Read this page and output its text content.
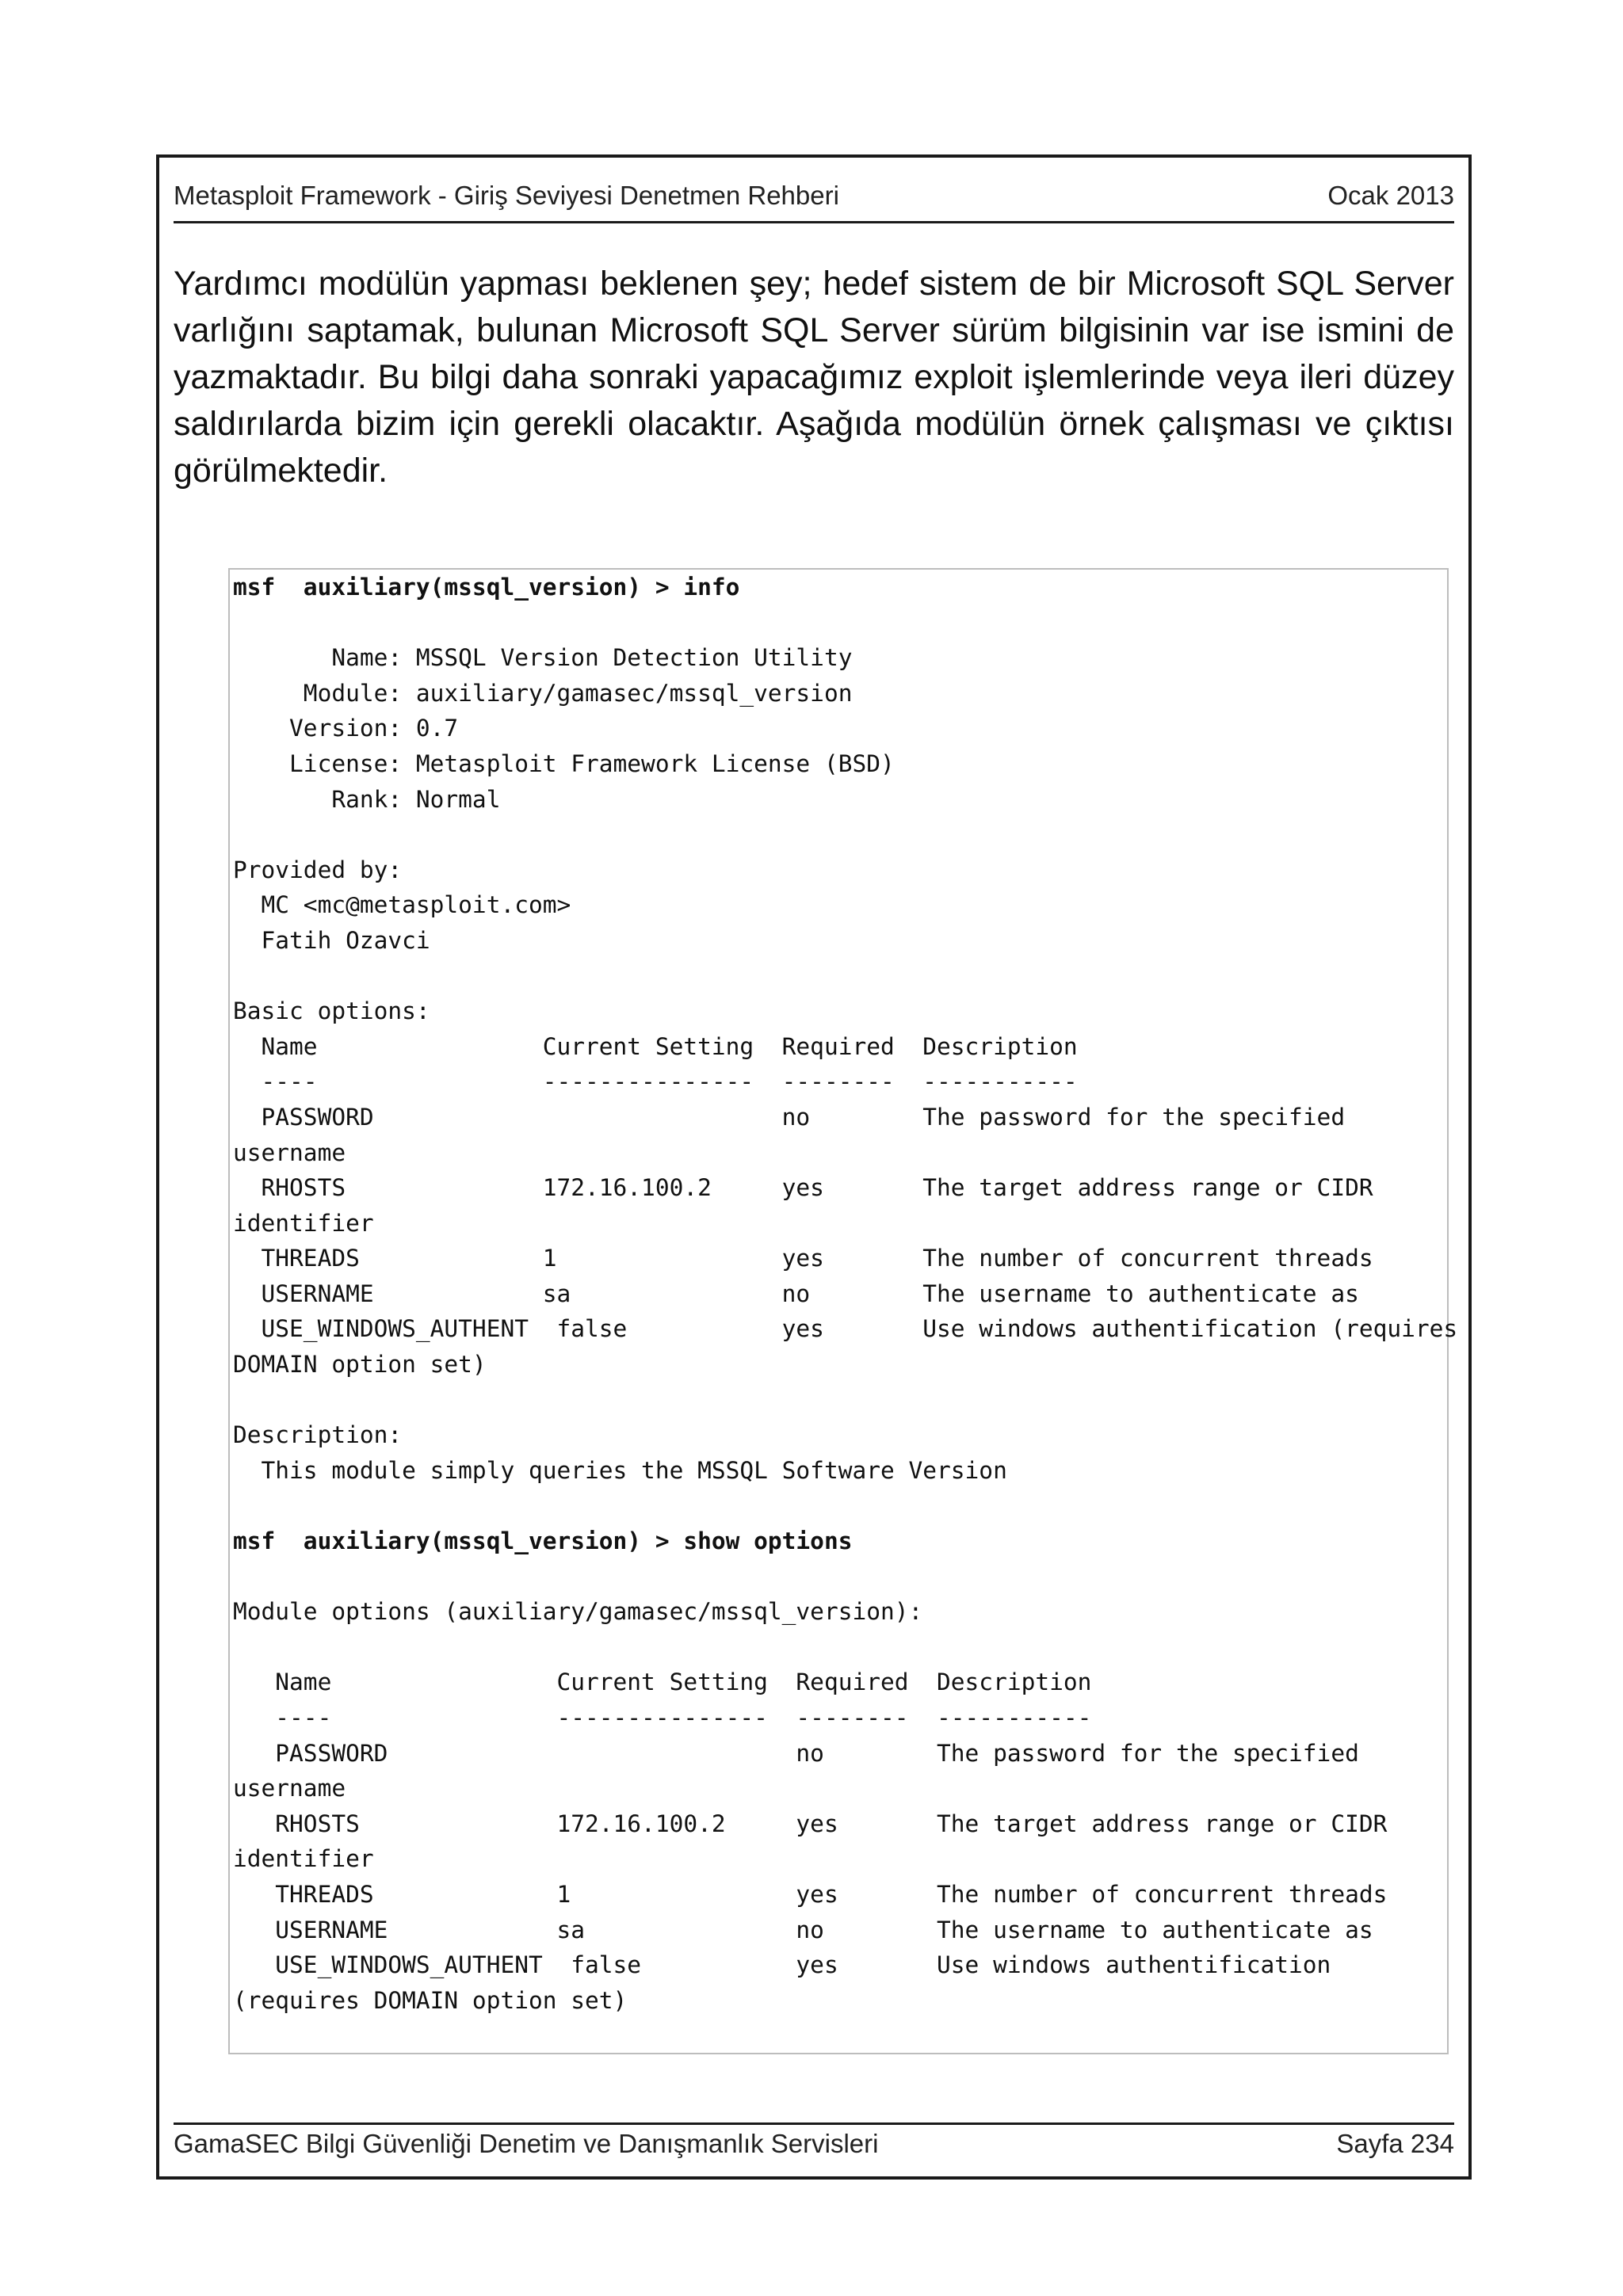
Metasploit Framework - Giriş Seviyesi Denetmen Rehberi	Ocak 2013
Yardımcı modülün yapması beklenen şey; hedef sistem de bir Microsoft SQL Server varlığını saptamak, bulunan Microsoft SQL Server sürüm bilgisinin var ise ismini de yazmaktadır. Bu bilgi daha sonraki yapacağımız exploit işlemlerinde veya ileri düzey saldırılarda bizim için gerekli olacaktır. Aşağıda modülün örnek çalışması ve çıktısı görülmektedir.
msf  auxiliary(mssql_version) > info
Name: MSSQL Version Detection Utility
Module: auxiliary/gamasec/mssql_version
Version: 0.7
License: Metasploit Framework License (BSD)
Rank: Normal
Provided by:
MC <mc@metasploit.com>
Fatih Ozavci
Basic options:
Name                Current Setting  Required  Description
----                ---------------  --------  -----------
PASSWORD                             no        The password for the specified
username
RHOSTS              172.16.100.2     yes       The target address range or CIDR
identifier
THREADS             1                yes       The number of concurrent threads
USERNAME            sa               no        The username to authenticate as
USE_WINDOWS_AUTHENT  false           yes       Use windows authentification (requires
DOMAIN option set)
Description:
This module simply queries the MSSQL Software Version
msf  auxiliary(mssql_version) > show options
Module options (auxiliary/gamasec/mssql_version):
Name                Current Setting  Required  Description
----                ---------------  --------  -----------
PASSWORD                             no        The password for the specified
username
RHOSTS              172.16.100.2     yes       The target address range or CIDR
identifier
THREADS             1                yes       The number of concurrent threads
USERNAME            sa               no        The username to authenticate as
USE_WINDOWS_AUTHENT  false           yes       Use windows authentification
(requires DOMAIN option set)
GamaSEC Bilgi Güvenliği Denetim ve Danışmanlık Servisleri	Sayfa 234
